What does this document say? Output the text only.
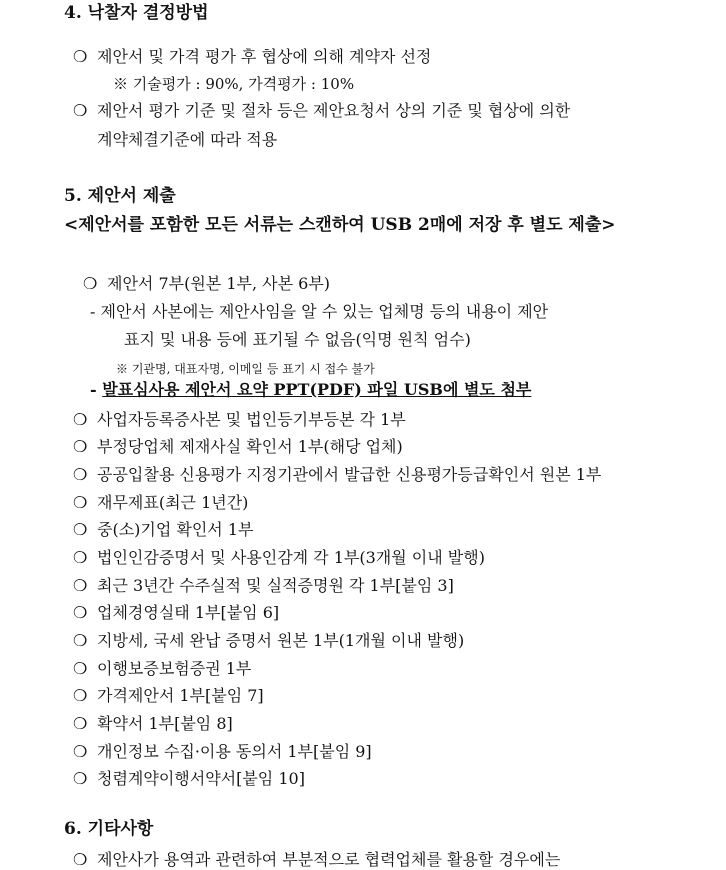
4. 낙찰자 결정방법
❍ 제안서 및 가격 평가 후 협상에 의해 계약자 선정
※ 기술평가 : 90%, 가격평가 : 10%
❍ 제안서 평가 기준 및 절차 등은 제안요청서 상의 기준 및 협상에 의한
계약체결기준에 따라 적용
5. 제안서 제출
<제안서를 포함한 모든 서류는 스캔하여 USB 2매에 저장 후 별도 제출>
❍ 제안서 7부(원본 1부, 사본 6부)
- 제안서 사본에는 제안사임을 알 수 있는 업체명 등의 내용이 제안
표지 및 내용 등에 표기될 수 없음(익명 원칙 엄수)
※ 기관명, 대표자명, 이메일 등 표기 시 접수 불가
- 발표심사용 제안서 요약 PPT(PDF) 파일 USB에 별도 첨부
❍ 사업자등록증사본 및 법인등기부등본 각 1부
❍ 부정당업체 제재사실 확인서 1부(해당 업체)
❍ 공공입찰용 신용평가 지정기관에서 발급한 신용평가등급확인서 원본 1부
❍ 재무제표(최근 1년간)
❍ 중(소)기업 확인서 1부
❍ 법인인감증명서 및 사용인감계 각 1부(3개월 이내 발행)
❍ 최근 3년간 수주실적 및 실적증명원 각 1부[붙임 3]
❍ 업체경영실태 1부[붙임 6]
❍ 지방세, 국세 완납 증명서 원본 1부(1개월 이내 발행)
❍ 이행보증보험증권 1부
❍ 가격제안서 1부[붙임 7]
❍ 확약서 1부[붙임 8]
❍ 개인정보 수집·이용 동의서 1부[붙임 9]
❍ 청렴계약이행서약서[붙임 10]
6. 기타사항
❍ 제안사가 용역과 관련하여 부분적으로 협력업체를 활용할 경우에는
